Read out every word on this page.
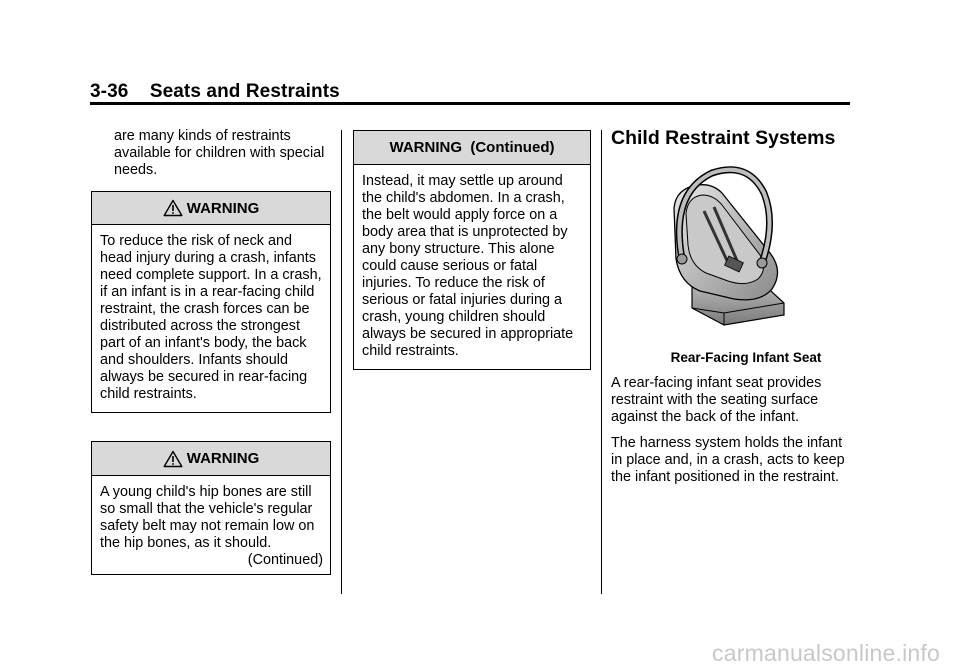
3-36 Seats and Restraints

are many kinds of restraints available for children with special needs.

WARNING

To reduce the risk of neck and head injury during a crash, infants need complete support. In a crash, if an infant is in a rear-facing child restraint, the crash forces can be distributed across the strongest part of an infant's body, the back and shoulders. Infants should always be secured in rear-facing child restraints.

WARNING

A young child's hip bones are still so small that the vehicle's regular safety belt may not remain low on the hip bones, as it should.

(Continued)

WARNING  (Continued)

Instead, it may settle up around the child's abdomen. In a crash, the belt would apply force on a body area that is unprotected by any bony structure. This alone could cause serious or fatal injuries. To reduce the risk of serious or fatal injuries during a crash, young children should always be secured in appropriate child restraints.

Child Restraint Systems
Rear-Facing Infant Seat

A rear-facing infant seat provides restraint with the seating surface against the back of the infant.

The harness system holds the infant in place and, in a crash, acts to keep the infant positioned in the restraint.

carmanualsonline.info
